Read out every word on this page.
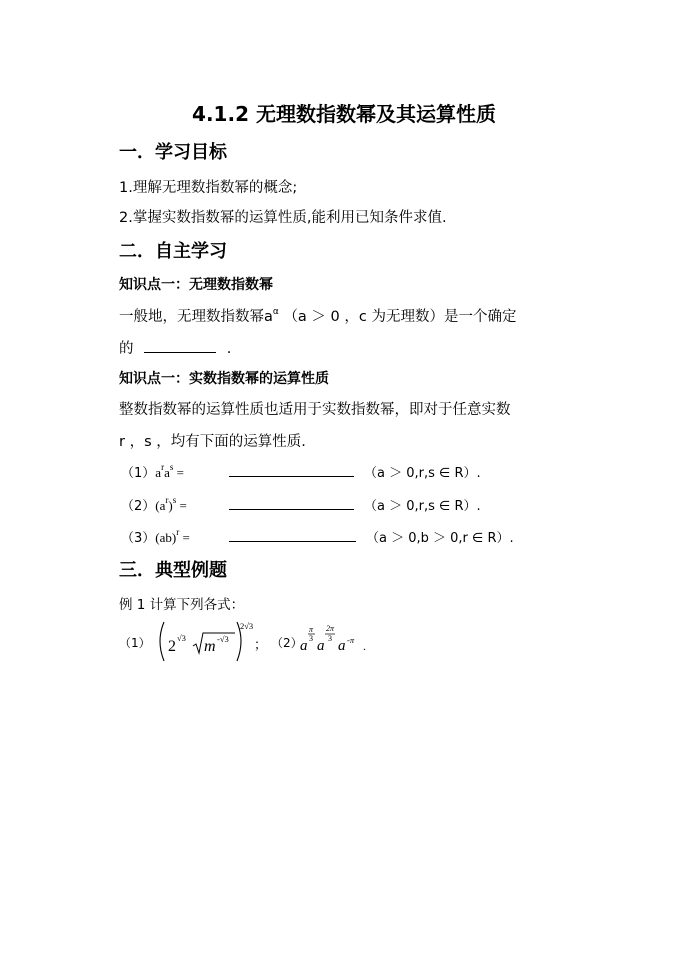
4.1.2 无理数指数幂及其运算性质
一．学习目标
1.理解无理数指数幂的概念;
2.掌握实数指数幂的运算性质,能利用已知条件求值.
二．自主学习
知识点一：无理数指数幂
一般地，无理数指数幂$a^\alpha$ （a ＞ 0 ，c 为无理数）是一个确定
的	.
知识点一：实数指数幂的运算性质
整数指数幂的运算性质也适用于实数指数幂，即对于任意实数
r ，s ，均有下面的运算性质.
$(1)a^ra^s$ =	（a ＞ 0,r,s ∈ R）.
$(2)(a^r)^s$ =	（a ＞ 0,r,s ∈ R）.
（3）(ab)$^r$ =	（a ＞ 0,b ＞ 0,r ∈ R）.
三．典型例题
例 1 计算下列各式：
（1） 2 √3 m -√3
2√3
； （2）
a
π
3 a
2π
3 a -π .
